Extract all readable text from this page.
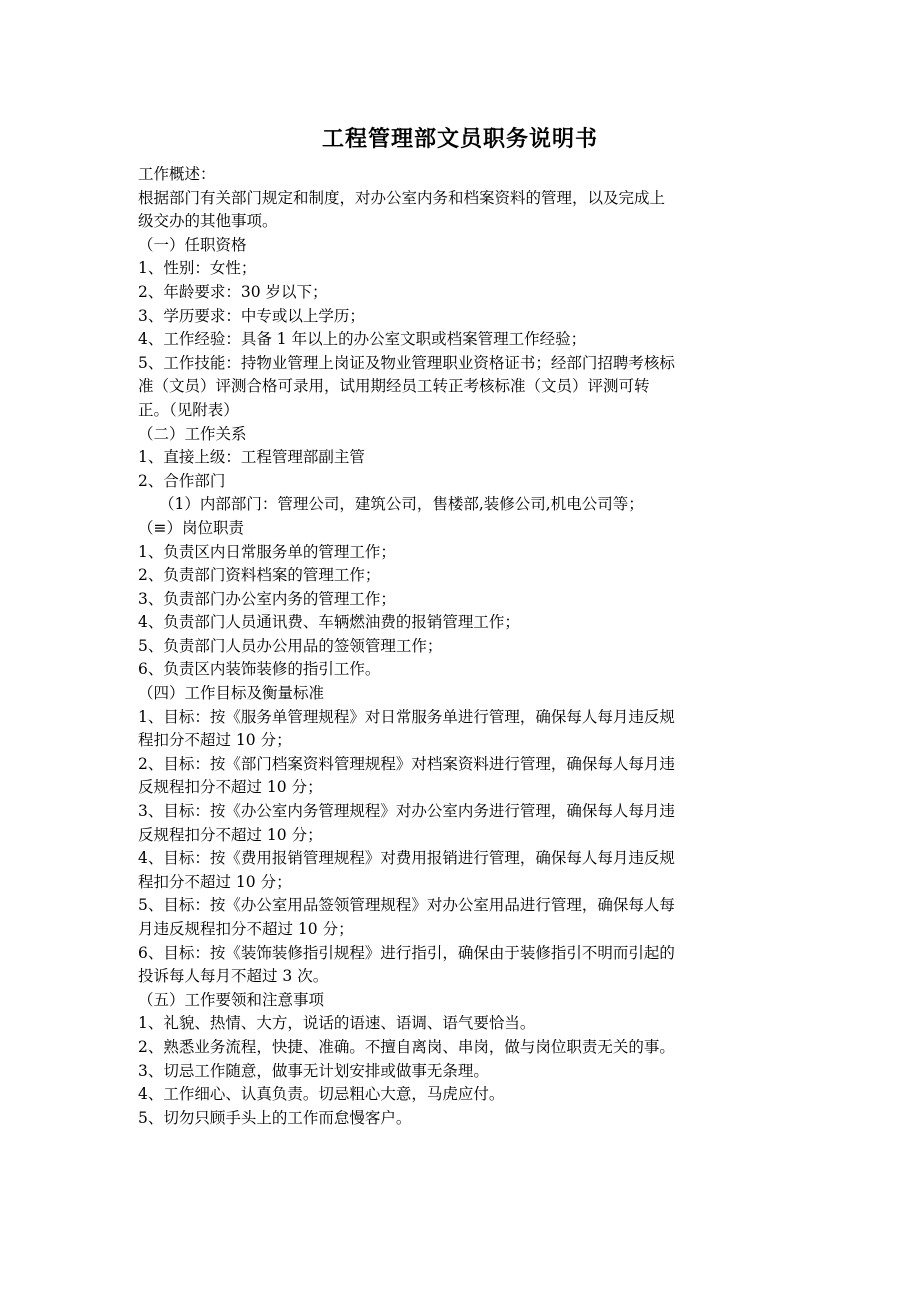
工程管理部文员职务说明书
工作概述：
根据部门有关部门规定和制度，对办公室内务和档案资料的管理，以及完成上
级交办的其他事项。
（一）任职资格
1、性别：女性；
2、年龄要求：30 岁以下；
3、学历要求：中专或以上学历；
4、工作经验：具备 1 年以上的办公室文职或档案管理工作经验；
5、工作技能：持物业管理上岗证及物业管理职业资格证书；经部门招聘考核标
准（文员）评测合格可录用，试用期经员工转正考核标准（文员）评测可转
正。（见附表）
（二）工作关系
1、直接上级：工程管理部副主管
2、合作部门
（1）内部部门：管理公司，建筑公司，售楼部,装修公司,机电公司等；
（≡）岗位职责
1、负责区内日常服务单的管理工作；
2、负责部门资料档案的管理工作；
3、负责部门办公室内务的管理工作；
4、负责部门人员通讯费、车辆燃油费的报销管理工作；
5、负责部门人员办公用品的签领管理工作；
6、负责区内装饰装修的指引工作。
（四）工作目标及衡量标准
1、目标：按《服务单管理规程》对日常服务单进行管理，确保每人每月违反规
程扣分不超过 10 分；
2、目标：按《部门档案资料管理规程》对档案资料进行管理，确保每人每月违
反规程扣分不超过 10 分；
3、目标：按《办公室内务管理规程》对办公室内务进行管理，确保每人每月违
反规程扣分不超过 10 分；
4、目标：按《费用报销管理规程》对费用报销进行管理，确保每人每月违反规
程扣分不超过 10 分；
5、目标：按《办公室用品签领管理规程》对办公室用品进行管理，确保每人每
月违反规程扣分不超过 10 分；
6、目标：按《装饰装修指引规程》进行指引，确保由于装修指引不明而引起的
投诉每人每月不超过 3 次。
（五）工作要领和注意事项
1、礼貌、热情、大方，说话的语速、语调、语气要恰当。
2、熟悉业务流程，快捷、准确。不擅自离岗、串岗，做与岗位职责无关的事。
3、切忌工作随意，做事无计划安排或做事无条理。
4、工作细心、认真负责。切忌粗心大意，马虎应付。
5、切勿只顾手头上的工作而怠慢客户。
